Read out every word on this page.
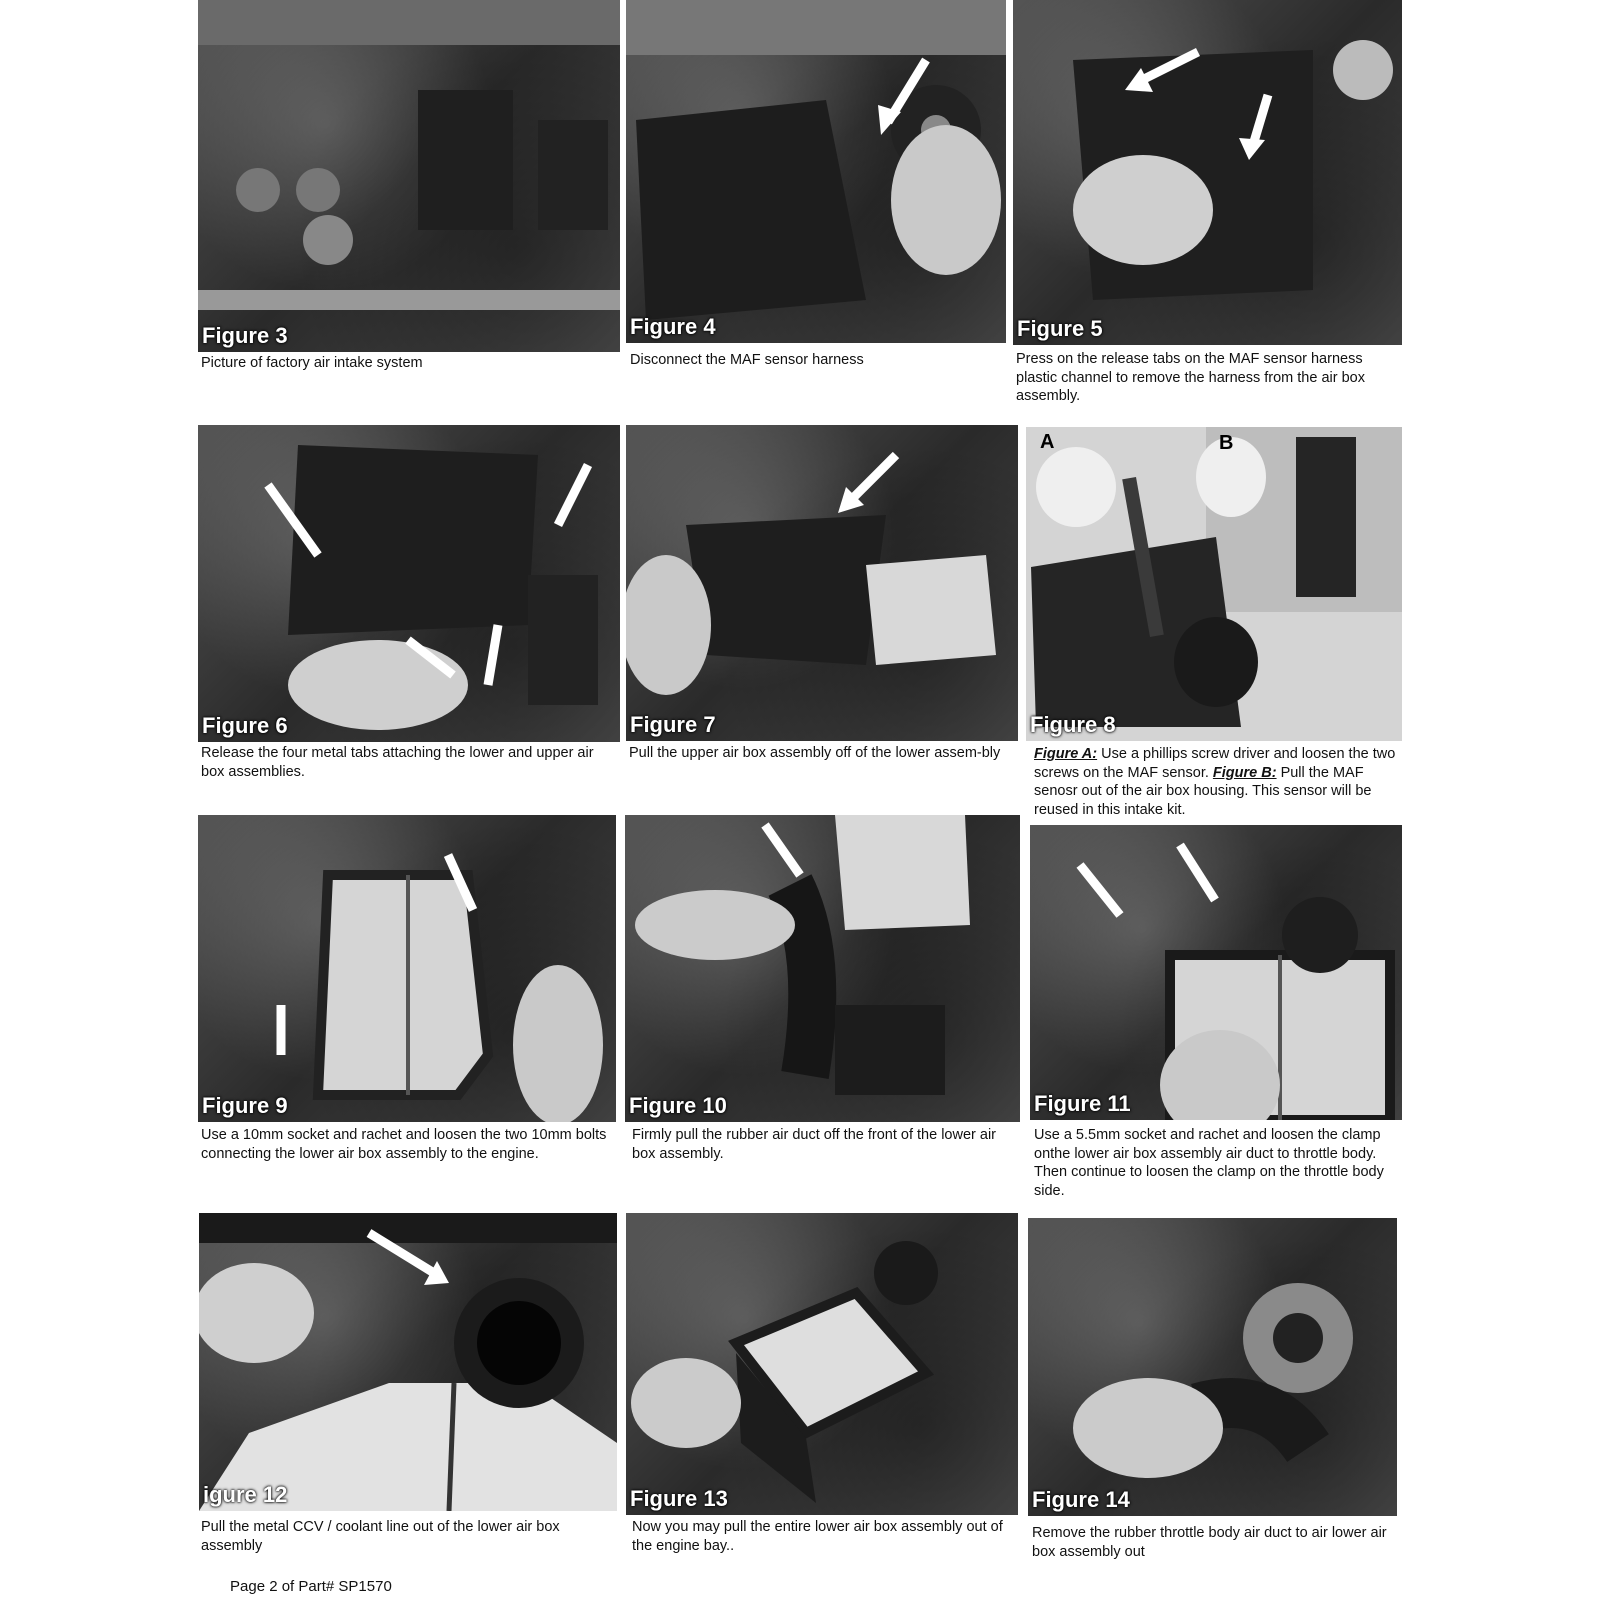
Figure 3
Picture of factory air intake system
Figure 4
Disconnect the MAF sensor harness
Figure 5
Press on the release tabs on the MAF sensor harness plastic channel to remove the harness from the air box assembly.
Figure 6
Release the four metal tabs attaching the lower and upper air box assemblies.
Figure 7
Pull the upper air box assembly off of the lower assem-bly
A	B
Figure 8
Figure A: Use a phillips screw driver and loosen the two screws on the MAF sensor. Figure B: Pull the MAF senosr out of the air box housing. This sensor will be reused in this intake kit.
Figure 9
Use a 10mm socket and rachet and loosen the two 10mm bolts connecting the lower air box assembly to the engine.
Figure 10
Firmly pull the rubber air duct off the front of the lower air box assembly.
Figure 11
Use a 5.5mm socket and rachet and loosen the clamp onthe lower air box assembly air duct to throttle body. Then continue to loosen the clamp on the throttle body side.
igure 12
Pull the metal CCV / coolant line out of the lower air box assembly
Figure 13
Now you may pull the entire lower air box assembly out of the engine bay..
Figure 14
Remove the rubber throttle body air duct to air lower air box assembly out
Page 2 of Part# SP1570
